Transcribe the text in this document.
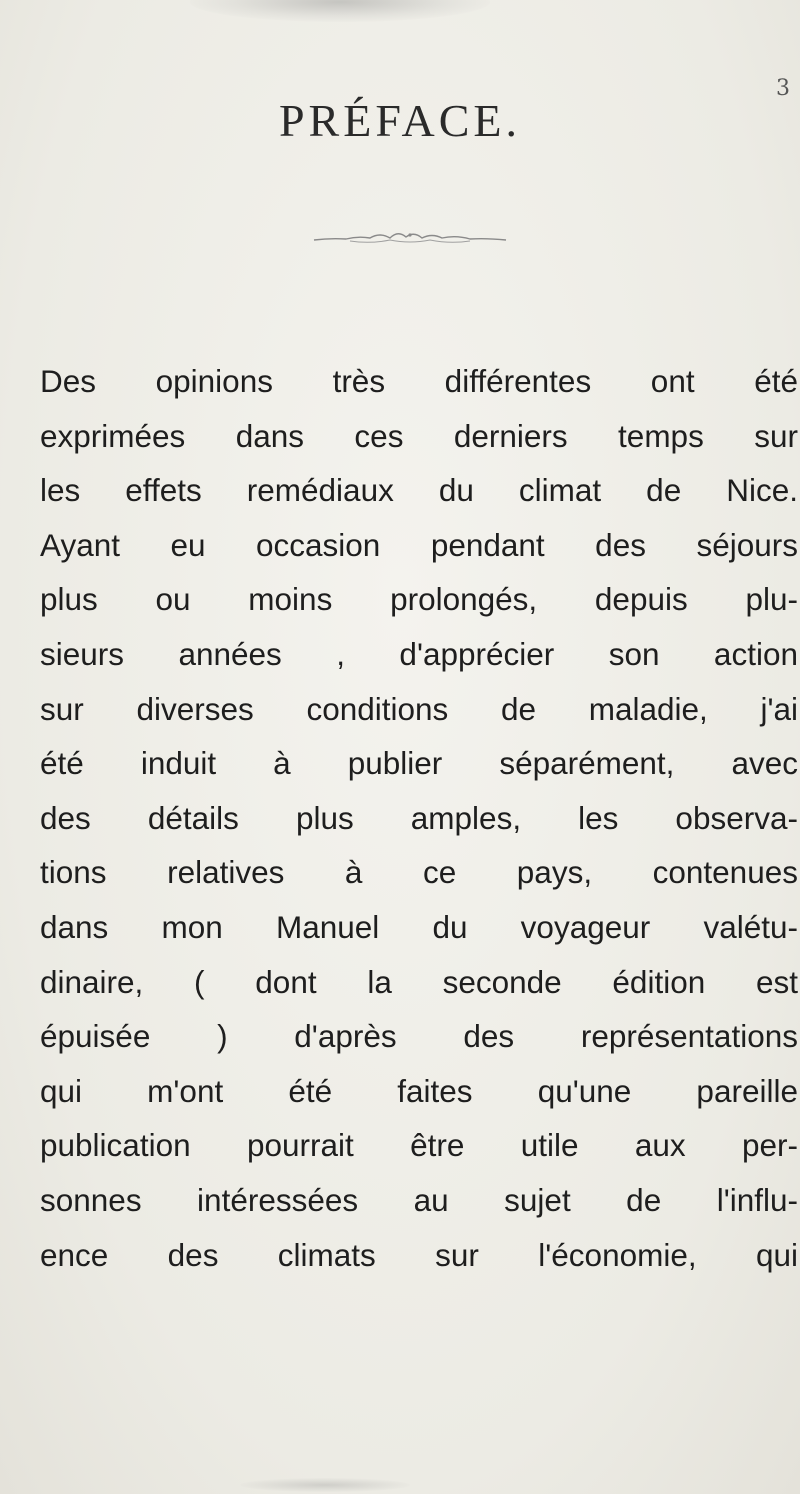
3
PRÉFACE.
Des opinions très différentes ont été
exprimées dans ces derniers temps sur
les effets remédiaux du climat de Nice.
Ayant eu occasion pendant des séjours
plus ou moins prolongés, depuis plu-
sieurs années , d'apprécier son action
sur diverses conditions de maladie, j'ai
été induit à publier séparément, avec
des détails plus amples, les observa-
tions relatives à ce pays, contenues
dans mon Manuel du voyageur valétu-
dinaire, ( dont la seconde édition est
épuisée ) d'après des représentations
qui m'ont été faites qu'une pareille
publication pourrait être utile aux per-
sonnes intéressées au sujet de l'influ-
ence des climats sur l'économie, qui
